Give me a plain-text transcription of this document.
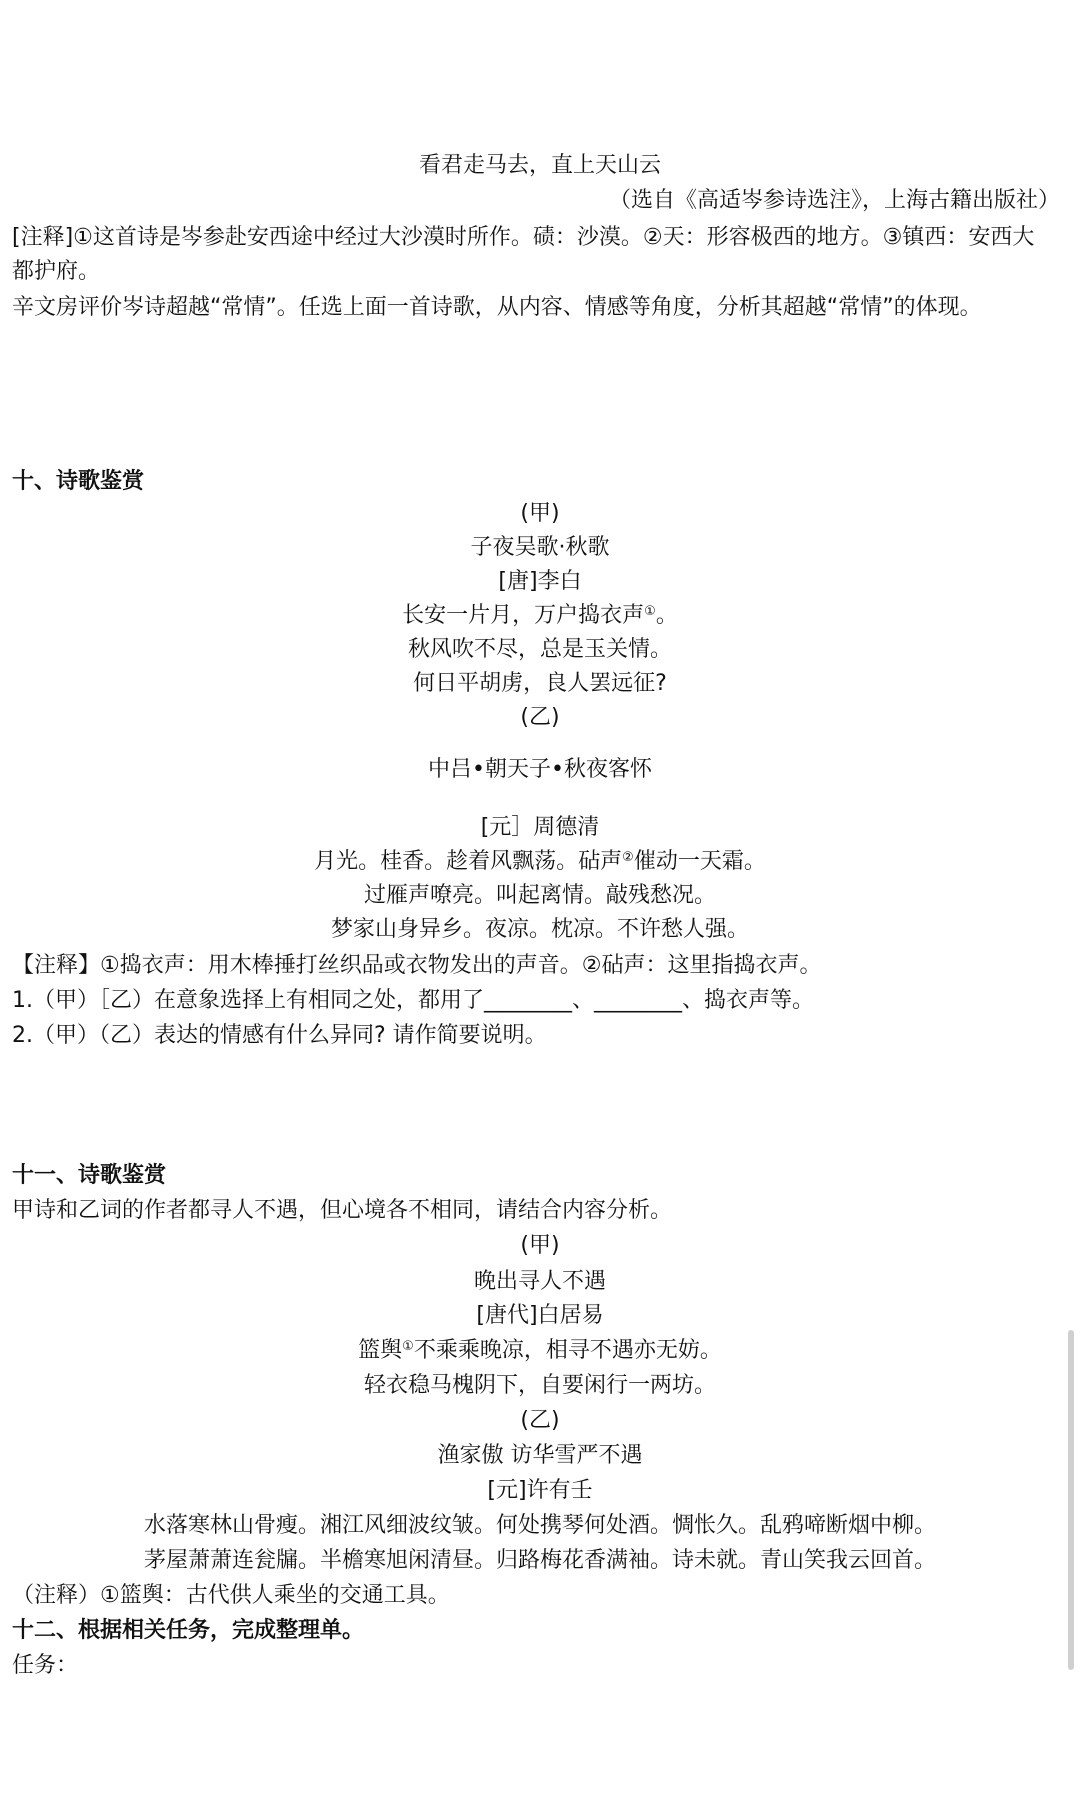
看君走马去，直上天山云
（选自《高适岑参诗选注》，上海古籍出版社）
[注释]①这首诗是岑参赴安西途中经过大沙漠时所作。碛：沙漠。②天：形容极西的地方。③镇西：安西大
都护府。
辛文房评价岑诗超越“常情”。任选上面一首诗歌，从内容、情感等角度，分析其超越“常情”的体现。
十、诗歌鉴赏
(甲)
子夜吴歌·秋歌
[唐]李白
长安一片月，万户捣衣声①。
秋风吹不尽，总是玉关情。
何日平胡虏，良人罢远征?
(乙)
中吕•朝天子•秋夜客怀
[元］周德清
月光。桂香。趁着风飘荡。砧声②催动一天霜。
过雁声嘹亮。叫起离情。敲残愁况。
梦家山身异乡。夜凉。枕凉。不许愁人强。
【注释】①捣衣声：用木棒捶打丝织品或衣物发出的声音。②砧声：这里指捣衣声。
1.（甲）［乙）在意象选择上有相同之处，都用了________、________、捣衣声等。
2.（甲）（乙）表达的情感有什么异同? 请作简要说明。
十一、诗歌鉴赏
甲诗和乙词的作者都寻人不遇，但心境各不相同，请结合内容分析。
(甲)
晚出寻人不遇
[唐代]白居易
篮舆①不乘乘晚凉，相寻不遇亦无妨。
轻衣稳马槐阴下，自要闲行一两坊。
(乙)
渔家傲 访华雪严不遇
[元]许有壬
水落寒林山骨瘦。湘江风细波纹皱。何处携琴何处酒。惆怅久。乱鸦啼断烟中柳。
茅屋萧萧连瓮牖。半檐寒旭闲清昼。归路梅花香满袖。诗未就。青山笑我云回首。
（注释）①篮舆：古代供人乘坐的交通工具。
十二、根据相关任务，完成整理单。
任务：
